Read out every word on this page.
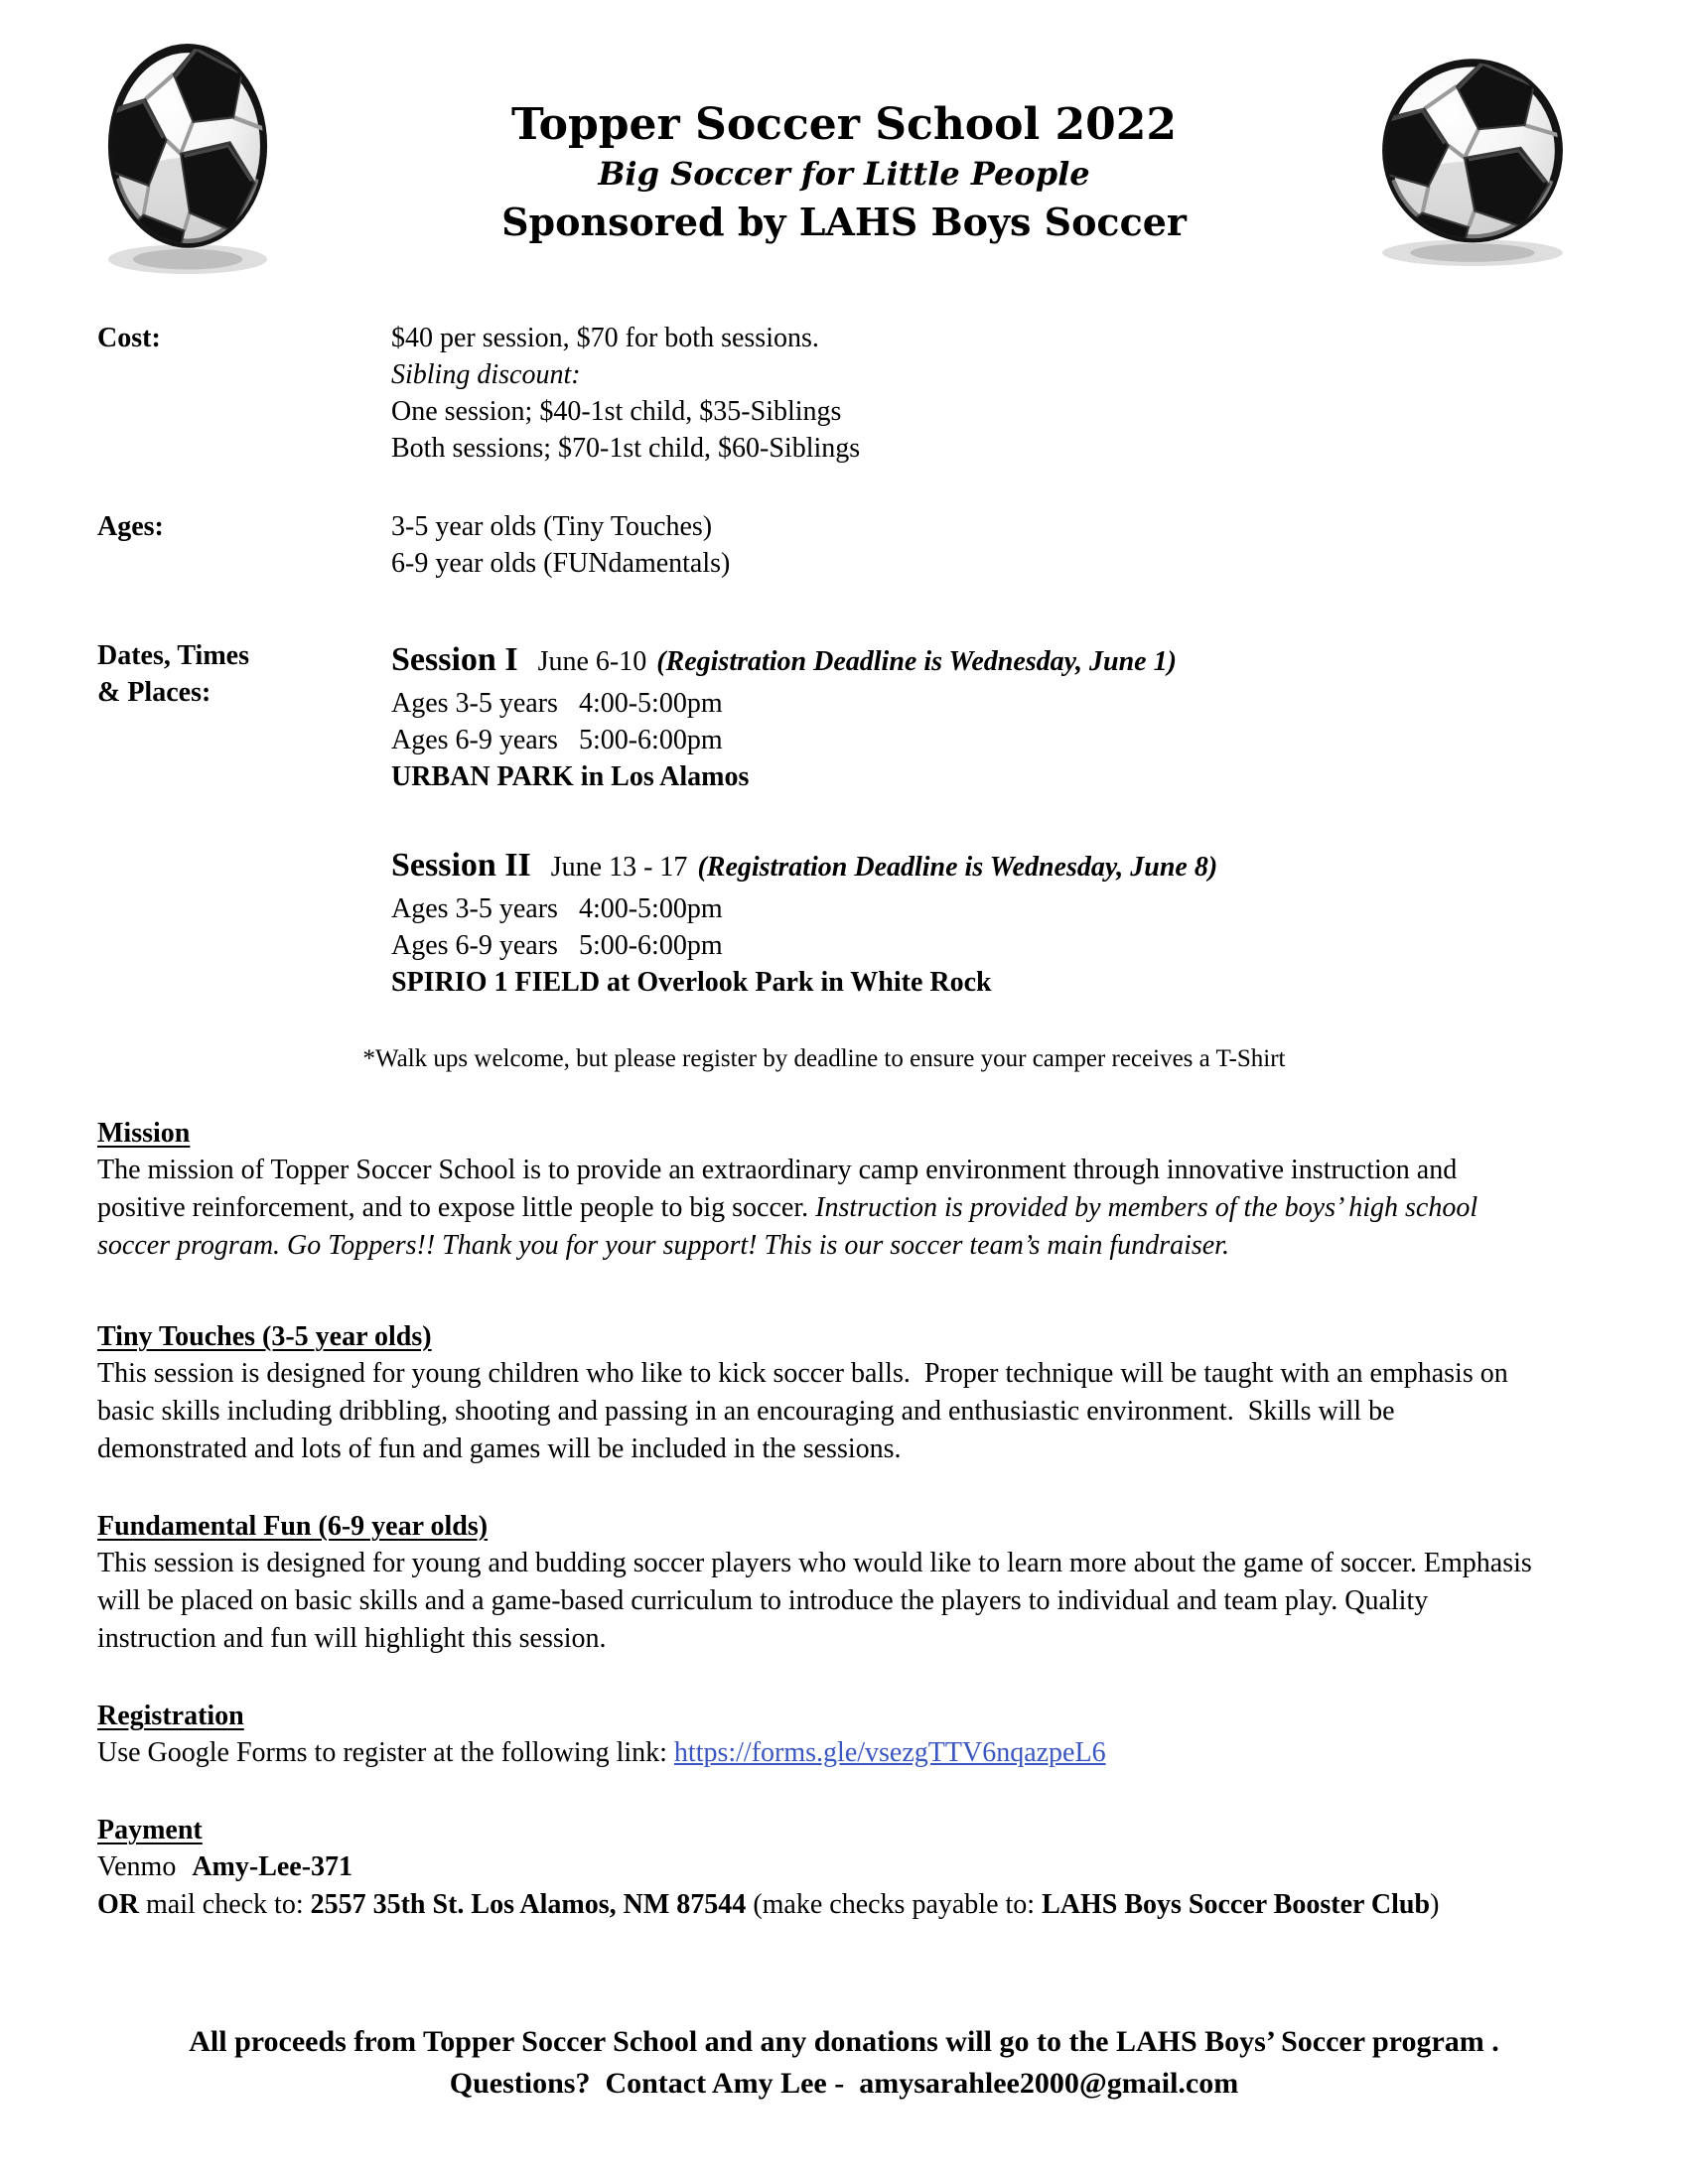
Topper Soccer School 2022
Big Soccer for Little People
Sponsored by LAHS Boys Soccer
Cost:	$40 per session, $70 for both sessions.
Sibling discount:
One session; $40-1st child, $35-Siblings
Both sessions; $70-1st child, $60-Siblings
Ages:	3-5 year olds (Tiny Touches)
6-9 year olds (FUNdamentals)
Dates, Times
& Places:
Session I June 6-10 (Registration Deadline is Wednesday, June 1)
Ages 3-5 years   4:00-5:00pm
Ages 6-9 years   5:00-6:00pm
URBAN PARK in Los Alamos
Session II June 13 - 17 (Registration Deadline is Wednesday, June 8)
Ages 3-5 years   4:00-5:00pm
Ages 6-9 years   5:00-6:00pm
SPIRIO 1 FIELD at Overlook Park in White Rock
*Walk ups welcome, but please register by deadline to ensure your camper receives a T-Shirt
Mission
The mission of Topper Soccer School is to provide an extraordinary camp environment through innovative instruction and positive reinforcement, and to expose little people to big soccer. Instruction is provided by members of the boys’ high school soccer program. Go Toppers!! Thank you for your support! This is our soccer team’s main fundraiser.
Tiny Touches (3-5 year olds)
This session is designed for young children who like to kick soccer balls.  Proper technique will be taught with an emphasis on basic skills including dribbling, shooting and passing in an encouraging and enthusiastic environment.  Skills will be demonstrated and lots of fun and games will be included in the sessions.
Fundamental Fun (6-9 year olds)
This session is designed for young and budding soccer players who would like to learn more about the game of soccer. Emphasis will be placed on basic skills and a game-based curriculum to introduce the players to individual and team play. Quality instruction and fun will highlight this session.
Registration
Use Google Forms to register at the following link: https://forms.gle/vsezgTTV6nqazpeL6
Payment
Venmo Amy-Lee-371
OR mail check to: 2557 35th St. Los Alamos, NM 87544 (make checks payable to: LAHS Boys Soccer Booster Club)
All proceeds from Topper Soccer School and any donations will go to the LAHS Boys’ Soccer program .
Questions?  Contact Amy Lee -  amysarahlee2000@gmail.com
